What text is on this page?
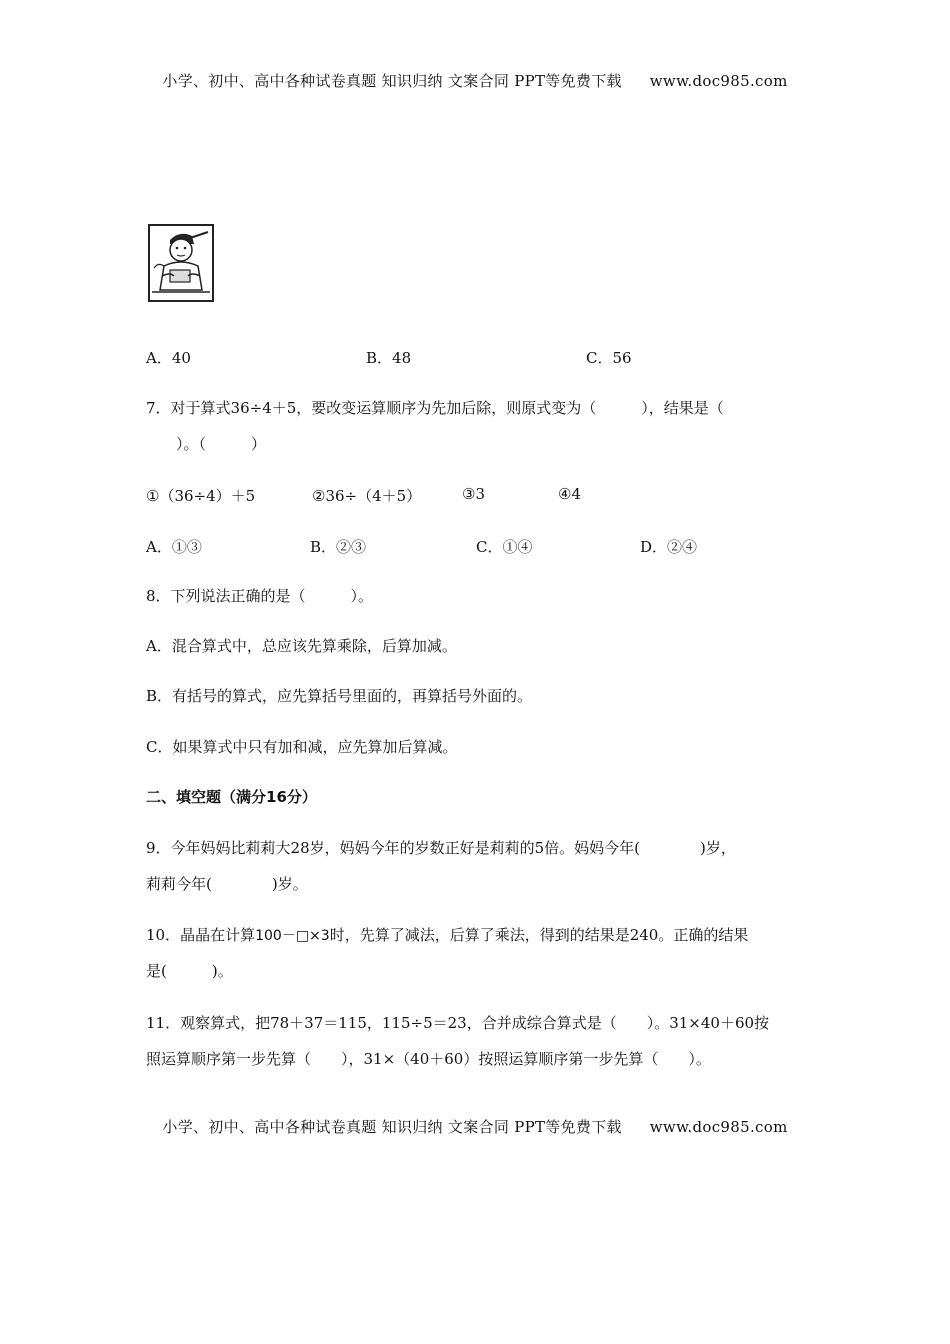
小学、初中、高中各种试卷真题 知识归纳 文案合同 PPT等免费下载 www.doc985.com
A．40	B．48	C．56
7．对于算式36÷4＋5，要改变运算顺序为先加后除，则原式变为（　　　），结果是（
　　）。（　　　）
①（36÷4）＋5	②36÷（4＋5）	③3	④4
A．①③	B．②③	C．①④	D．②④
8．下列说法正确的是（　　　）。
A．混合算式中，总应该先算乘除，后算加减。
B．有括号的算式，应先算括号里面的，再算括号外面的。
C．如果算式中只有加和减，应先算加后算减。
二、填空题（满分16分）
9．今年妈妈比莉莉大28岁，妈妈今年的岁数正好是莉莉的5倍。妈妈今年(　　　　)岁，
莉莉今年(　　　　)岁。
10．晶晶在计算100－□×3时，先算了减法，后算了乘法，得到的结果是240。正确的结果
是(　　　)。
11．观察算式，把78＋37＝115，115÷5＝23，合并成综合算式是（　　）。31×40＋60按
照运算顺序第一步先算（　　），31×（40＋60）按照运算顺序第一步先算（　　）。
小学、初中、高中各种试卷真题 知识归纳 文案合同 PPT等免费下载 www.doc985.com
